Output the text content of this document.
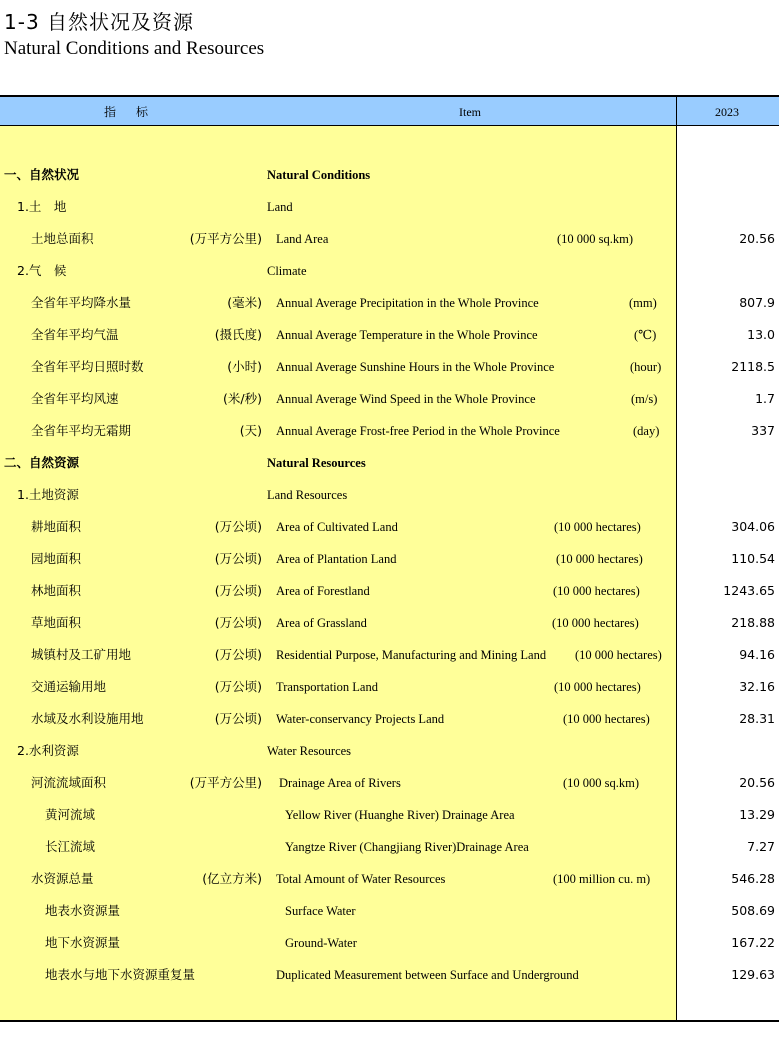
1-3 自然状况及资源
Natural Conditions and Resources
指标	Item	2023
一、自然状况	Natural Conditions
1.土　地	Land
土地总面积	(万平方公里) Land Area	(10 000 sq.km)	20.56
2.气　候	Climate
全省年平均降水量	(毫米) Annual Average Precipitation in the Whole Province	(mm)	807.9
全省年平均气温	(摄氏度) Annual Average Temperature in the Whole Province	(℃)	13.0
全省年平均日照时数	(小时) Annual Average Sunshine Hours in the Whole Province	(hour)	2118.5
全省年平均风速	(米/秒) Annual Average Wind Speed in the Whole Province	(m/s)	1.7
全省年平均无霜期	(天) Annual Average Frost-free Period in the Whole Province	(day)	337
二、自然资源	Natural Resources
1.土地资源	Land Resources
耕地面积	(万公顷) Area of Cultivated Land	(10 000 hectares)	304.06
园地面积	(万公顷) Area of Plantation Land	(10 000 hectares)	110.54
林地面积	(万公顷) Area of Forestland	(10 000 hectares)	1243.65
草地面积	(万公顷) Area of Grassland	(10 000 hectares)	218.88
城镇村及工矿用地	(万公顷) Residential Purpose, Manufacturing and Mining Land (10 000 hectares)	94.16
交通运输用地	(万公顷) Transportation Land	(10 000 hectares)	32.16
水域及水利设施用地	(万公顷) Water-conservancy Projects Land	(10 000 hectares)	28.31
2.水利资源	Water Resources
河流流域面积	(万平方公里) Drainage Area of Rivers	(10 000 sq.km)	20.56
黄河流域	Yellow River (Huanghe River) Drainage Area	13.29
长江流域	Yangtze River (Changjiang River)Drainage Area	7.27
水资源总量	(亿立方米) Total Amount of Water Resources	(100 million cu. m)	546.28
地表水资源量	Surface Water	508.69
地下水资源量	Ground-Water	167.22
地表水与地下水资源重复量	Duplicated Measurement between Surface and Underground	129.63
